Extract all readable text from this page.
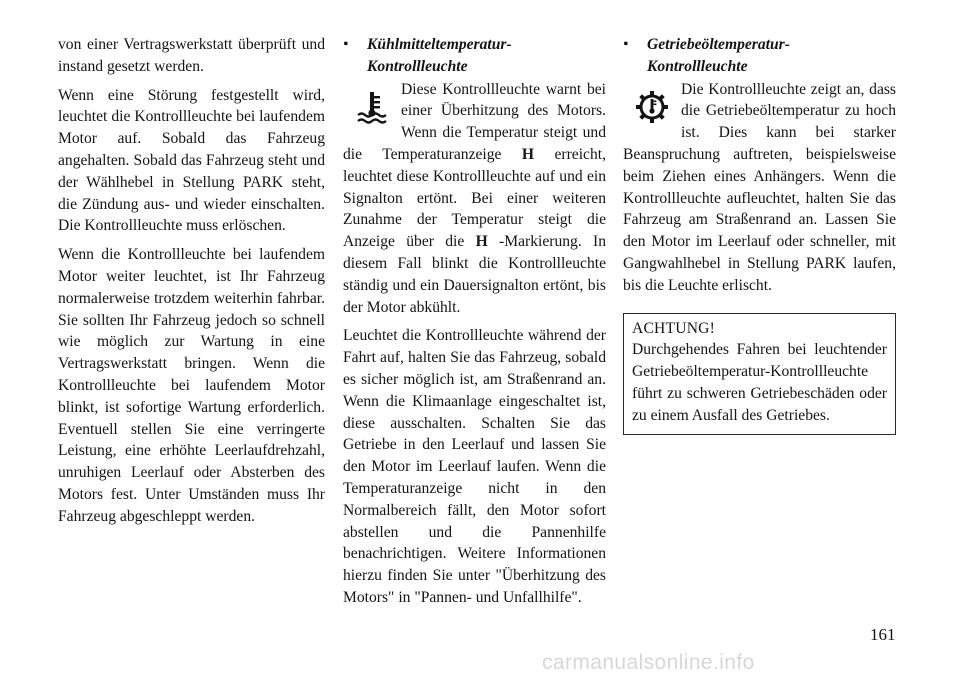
von einer Vertragswerkstatt überprüft und instand gesetzt werden.

Wenn eine Störung festgestellt wird, leuchtet die Kontrollleuchte bei laufendem Motor auf. Sobald das Fahrzeug angehalten. Sobald das Fahrzeug steht und der Wählhebel in Stellung PARK steht, die Zündung aus- und wieder einschalten. Die Kontrollleuchte muss erlöschen.

Wenn die Kontrollleuchte bei laufendem Motor weiter leuchtet, ist Ihr Fahrzeug normalerweise trotzdem weiterhin fahrbar. Sie sollten Ihr Fahrzeug jedoch so schnell wie möglich zur Wartung in eine Vertragswerkstatt bringen. Wenn die Kontrollleuchte bei laufendem Motor blinkt, ist sofortige Wartung erforderlich. Eventuell stellen Sie eine verringerte Leistung, eine erhöhte Leerlaufdrehzahl, unruhigen Leerlauf oder Absterben des Motors fest. Unter Umständen muss Ihr Fahrzeug abgeschleppt werden.

• Kühlmitteltemperatur-
Kontrollleuchte

Diese Kontrollleuchte warnt bei einer Überhitzung des Motors. Wenn die Temperatur steigt und die Temperaturanzeige H erreicht, leuchtet diese Kontrollleuchte auf und ein Signalton ertönt. Bei einer weiteren Zunahme der Temperatur steigt die Anzeige über die H -Markierung. In diesem Fall blinkt die Kontrollleuchte ständig und ein Dauersignalton ertönt, bis der Motor abkühlt.

Leuchtet die Kontrollleuchte während der Fahrt auf, halten Sie das Fahrzeug, sobald es sicher möglich ist, am Straßenrand an. Wenn die Klimaanlage eingeschaltet ist, diese ausschalten. Schalten Sie das Getriebe in den Leerlauf und lassen Sie den Motor im Leerlauf laufen. Wenn die Temperaturanzeige nicht in den Normalbereich fällt, den Motor sofort abstellen und die Pannenhilfe benachrichtigen. Weitere Informationen hierzu finden Sie unter "Überhitzung des Motors" in "Pannen- und Unfallhilfe".

• Getriebeöltemperatur-
Kontrollleuchte

Die Kontrollleuchte zeigt an, dass die Getriebeöltemperatur zu hoch ist. Dies kann bei starker Beanspruchung auftreten, beispielsweise beim Ziehen eines Anhängers. Wenn die Kontrollleuchte aufleuchtet, halten Sie das Fahrzeug am Straßenrand an. Lassen Sie den Motor im Leerlauf oder schneller, mit Gangwahlhebel in Stellung PARK laufen, bis die Leuchte erlischt.

ACHTUNG!
Durchgehendes Fahren bei leuchtender Getriebeöltemperatur-Kontrollleuchte führt zu schweren Getriebeschäden oder zu einem Ausfall des Getriebes.
161
carmanualsonline.info
